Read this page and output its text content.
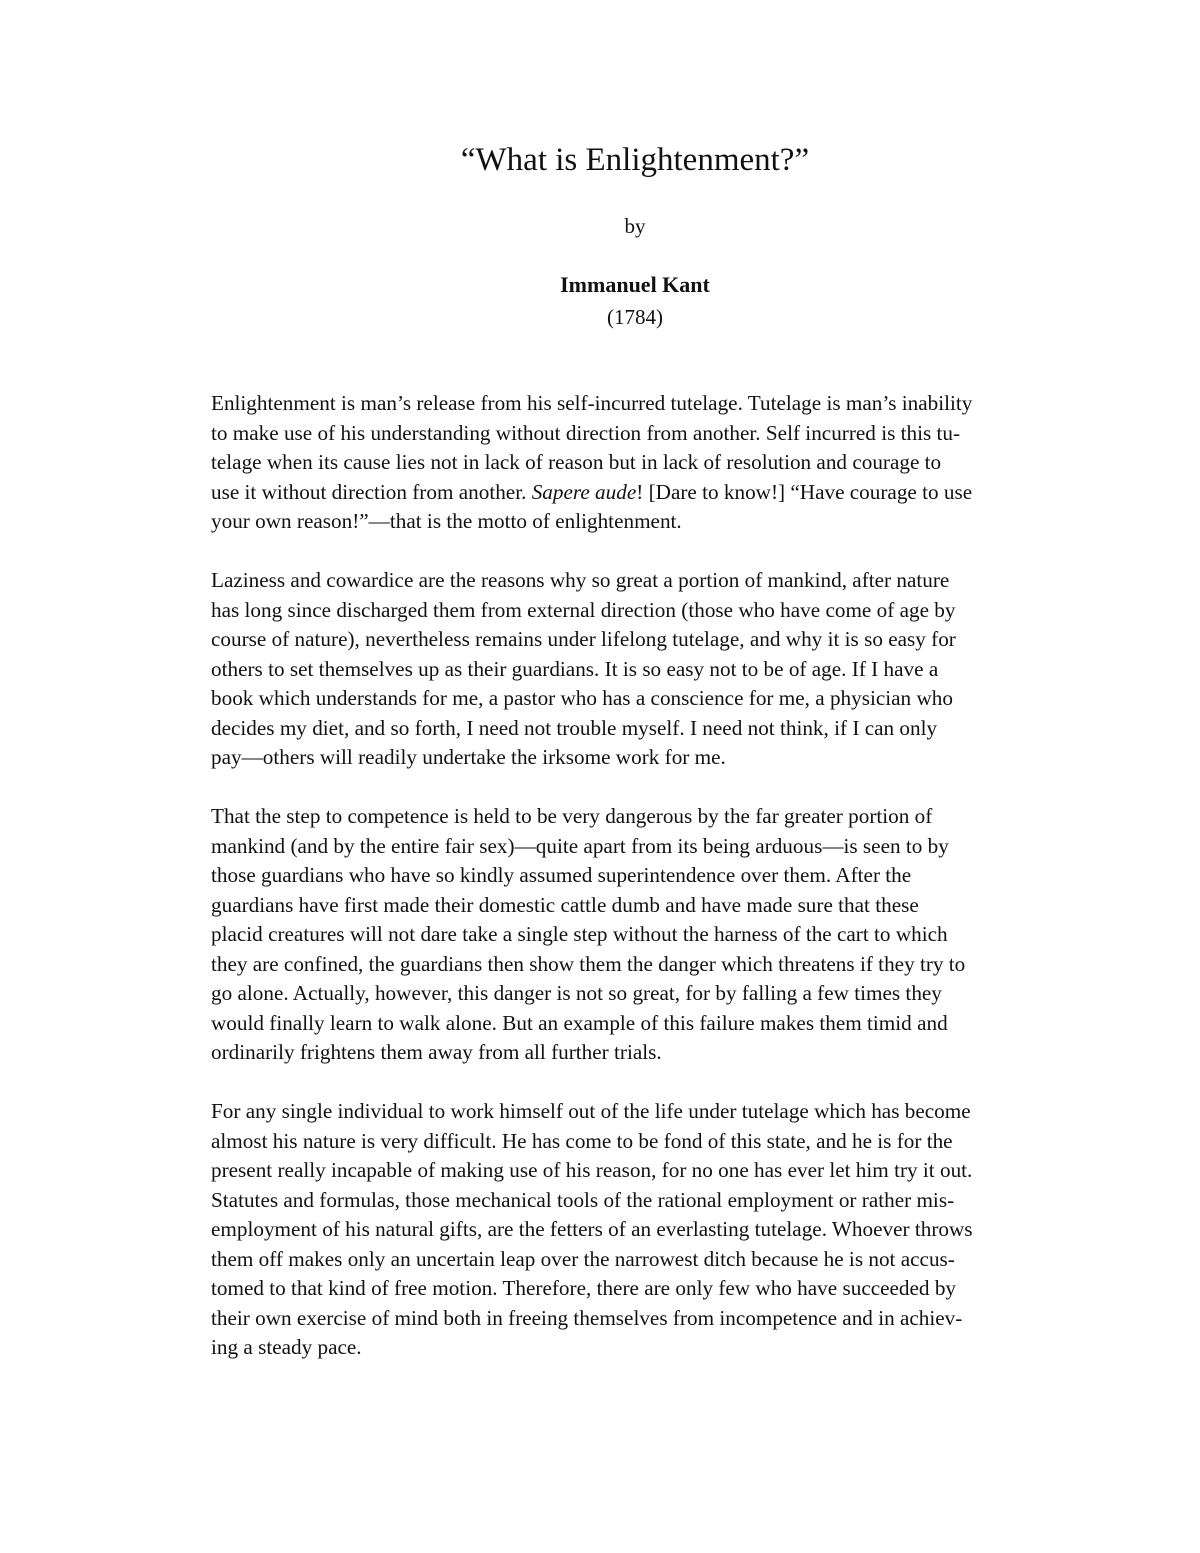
“What is Enlightenment?”
by
Immanuel Kant
(1784)

Enlightenment is man’s release from his self-incurred tutelage. Tutelage is man’s inability
to make use of his understanding without direction from another. Self incurred is this tu-
telage when its cause lies not in lack of reason but in lack of resolution and courage to
use it without direction from another. Sapere aude! [Dare to know!] “Have courage to use
your own reason!”—that is the motto of enlightenment.

Laziness and cowardice are the reasons why so great a portion of mankind, after nature
has long since discharged them from external direction (those who have come of age by
course of nature), nevertheless remains under lifelong tutelage, and why it is so easy for
others to set themselves up as their guardians. It is so easy not to be of age. If I have a
book which understands for me, a pastor who has a conscience for me, a physician who
decides my diet, and so forth, I need not trouble myself. I need not think, if I can only
pay—others will readily undertake the irksome work for me.

That the step to competence is held to be very dangerous by the far greater portion of
mankind (and by the entire fair sex)—quite apart from its being arduous—is seen to by
those guardians who have so kindly assumed superintendence over them. After the
guardians have first made their domestic cattle dumb and have made sure that these
placid creatures will not dare take a single step without the harness of the cart to which
they are confined, the guardians then show them the danger which threatens if they try to
go alone. Actually, however, this danger is not so great, for by falling a few times they
would finally learn to walk alone. But an example of this failure makes them timid and
ordinarily frightens them away from all further trials.

For any single individual to work himself out of the life under tutelage which has become
almost his nature is very difficult. He has come to be fond of this state, and he is for the
present really incapable of making use of his reason, for no one has ever let him try it out.
Statutes and formulas, those mechanical tools of the rational employment or rather mis-
employment of his natural gifts, are the fetters of an everlasting tutelage. Whoever throws
them off makes only an uncertain leap over the narrowest ditch because he is not accus-
tomed to that kind of free motion. Therefore, there are only few who have succeeded by
their own exercise of mind both in freeing themselves from incompetence and in achiev-
ing a steady pace.
